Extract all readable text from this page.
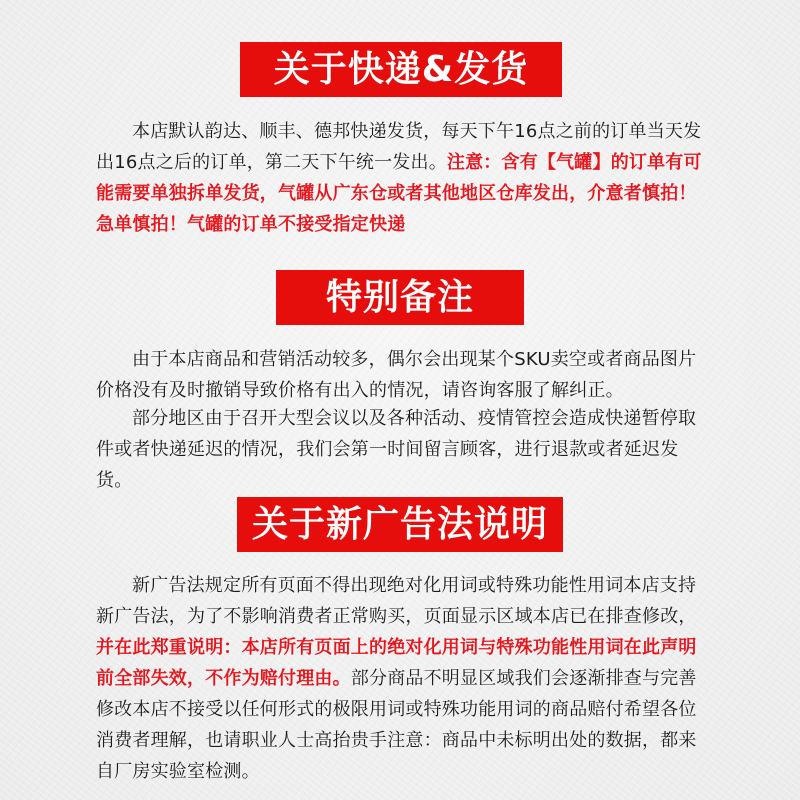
关于快递&发货

本店默认韵达、顺丰、德邦快递发货，每天下午16点之前的订单当天发出16点之后的订单，第二天下午统一发出。注意：含有【气罐】的订单有可能需要单独拆单发货，气罐从广东仓或者其他地区仓库发出，介意者慎拍！急单慎拍！气罐的订单不接受指定快递

特别备注

由于本店商品和营销活动较多，偶尔会出现某个SKU卖空或者商品图片价格没有及时撤销导致价格有出入的情况，请咨询客服了解纠正。

部分地区由于召开大型会议以及各种活动、疫情管控会造成快递暂停取件或者快递延迟的情况，我们会第一时间留言顾客，进行退款或者延迟发货。

关于新广告法说明

新广告法规定所有页面不得出现绝对化用词或特殊功能性用词本店支持新广告法，为了不影响消费者正常购买，页面显示区域本店已在排查修改，并在此郑重说明：本店所有页面上的绝对化用词与特殊功能性用词在此声明前全部失效，不作为赔付理由。部分商品不明显区域我们会逐渐排查与完善修改本店不接受以任何形式的极限用词或特殊功能用词的商品赔付希望各位消费者理解，也请职业人士高抬贵手注意：商品中未标明出处的数据，都来自厂房实验室检测。
